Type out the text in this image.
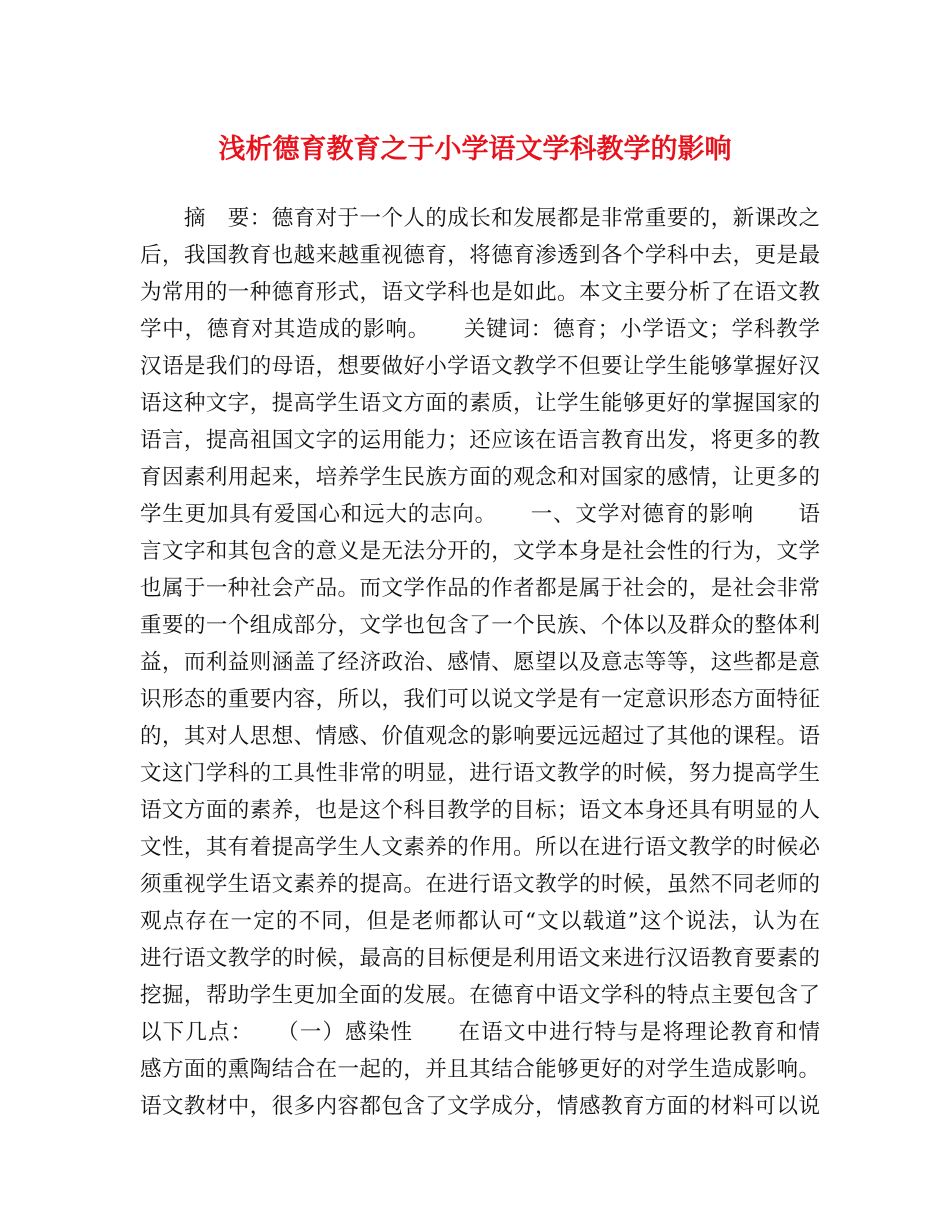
浅析德育教育之于小学语文学科教学的影响
　　摘　要：德育对于一个人的成长和发展都是非常重要的，新课改之
后，我国教育也越来越重视德育，将德育渗透到各个学科中去，更是最
为常用的一种德育形式，语文学科也是如此。本文主要分析了在语文教
学中，德育对其造成的影响。　　关键词：德育；小学语文；学科教学
汉语是我们的母语，想要做好小学语文教学不但要让学生能够掌握好汉
语这种文字，提高学生语文方面的素质，让学生能够更好的掌握国家的
语言，提高祖国文字的运用能力；还应该在语言教育出发，将更多的教
育因素利用起来，培养学生民族方面的观念和对国家的感情，让更多的
学生更加具有爱国心和远大的志向。　　一、文学对德育的影响　　语
言文字和其包含的意义是无法分开的，文学本身是社会性的行为，文学
也属于一种社会产品。而文学作品的作者都是属于社会的，是社会非常
重要的一个组成部分，文学也包含了一个民族、个体以及群众的整体利
益，而利益则涵盖了经济政治、感情、愿望以及意志等等，这些都是意
识形态的重要内容，所以，我们可以说文学是有一定意识形态方面特征
的，其对人思想、情感、价值观念的影响要远远超过了其他的课程。语
文这门学科的工具性非常的明显，进行语文教学的时候，努力提高学生
语文方面的素养，也是这个科目教学的目标；语文本身还具有明显的人
文性，其有着提高学生人文素养的作用。所以在进行语文教学的时候必
须重视学生语文素养的提高。在进行语文教学的时候，虽然不同老师的
观点存在一定的不同，但是老师都认可“文以载道”这个说法，认为在
进行语文教学的时候，最高的目标便是利用语文来进行汉语教育要素的
挖掘，帮助学生更加全面的发展。在德育中语文学科的特点主要包含了
以下几点：　　（一）感染性　　在语文中进行特与是将理论教育和情
感方面的熏陶结合在一起的，并且其结合能够更好的对学生造成影响。
语文教材中，很多内容都包含了文学成分，情感教育方面的材料可以说
